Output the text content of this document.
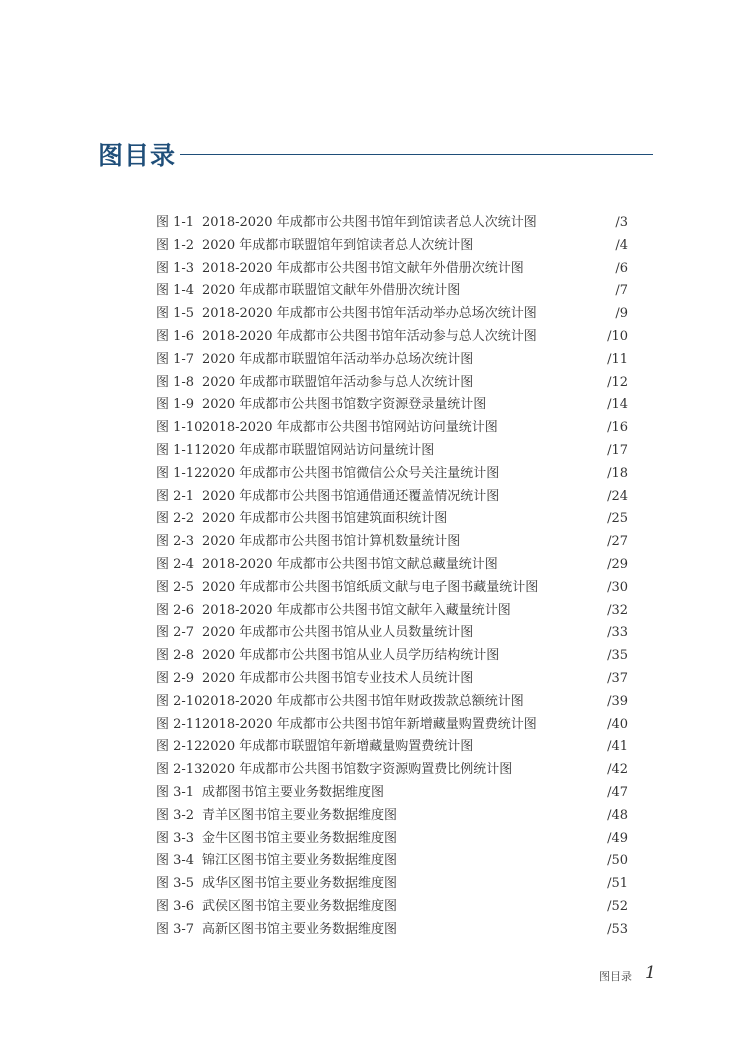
图目录
图 1-1 2018-2020 年成都市公共图书馆年到馆读者总人次统计图	/3
图 1-2 2020 年成都市联盟馆年到馆读者总人次统计图	/4
图 1-3 2018-2020 年成都市公共图书馆文献年外借册次统计图	/6
图 1-4 2020 年成都市联盟馆文献年外借册次统计图	/7
图 1-5 2018-2020 年成都市公共图书馆年活动举办总场次统计图	/9
图 1-6 2018-2020 年成都市公共图书馆年活动参与总人次统计图	/10
图 1-7 2020 年成都市联盟馆年活动举办总场次统计图	/11
图 1-8 2020 年成都市联盟馆年活动参与总人次统计图	/12
图 1-9 2020 年成都市公共图书馆数字资源登录量统计图	/14
图 1-10 2018-2020 年成都市公共图书馆网站访问量统计图	/16
图 1-11 2020 年成都市联盟馆网站访问量统计图	/17
图 1-12 2020 年成都市公共图书馆微信公众号关注量统计图	/18
图 2-1 2020 年成都市公共图书馆通借通还覆盖情况统计图	/24
图 2-2 2020 年成都市公共图书馆建筑面积统计图	/25
图 2-3 2020 年成都市公共图书馆计算机数量统计图	/27
图 2-4 2018-2020 年成都市公共图书馆文献总藏量统计图	/29
图 2-5 2020 年成都市公共图书馆纸质文献与电子图书藏量统计图	/30
图 2-6 2018-2020 年成都市公共图书馆文献年入藏量统计图	/32
图 2-7 2020 年成都市公共图书馆从业人员数量统计图	/33
图 2-8 2020 年成都市公共图书馆从业人员学历结构统计图	/35
图 2-9 2020 年成都市公共图书馆专业技术人员统计图	/37
图 2-10 2018-2020 年成都市公共图书馆年财政拨款总额统计图	/39
图 2-11 2018-2020 年成都市公共图书馆年新增藏量购置费统计图	/40
图 2-12 2020 年成都市联盟馆年新增藏量购置费统计图	/41
图 2-13 2020 年成都市公共图书馆数字资源购置费比例统计图	/42
图 3-1 成都图书馆主要业务数据维度图	/47
图 3-2 青羊区图书馆主要业务数据维度图	/48
图 3-3 金牛区图书馆主要业务数据维度图	/49
图 3-4 锦江区图书馆主要业务数据维度图	/50
图 3-5 成华区图书馆主要业务数据维度图	/51
图 3-6 武侯区图书馆主要业务数据维度图	/52
图 3-7 高新区图书馆主要业务数据维度图	/53
图目录 1
